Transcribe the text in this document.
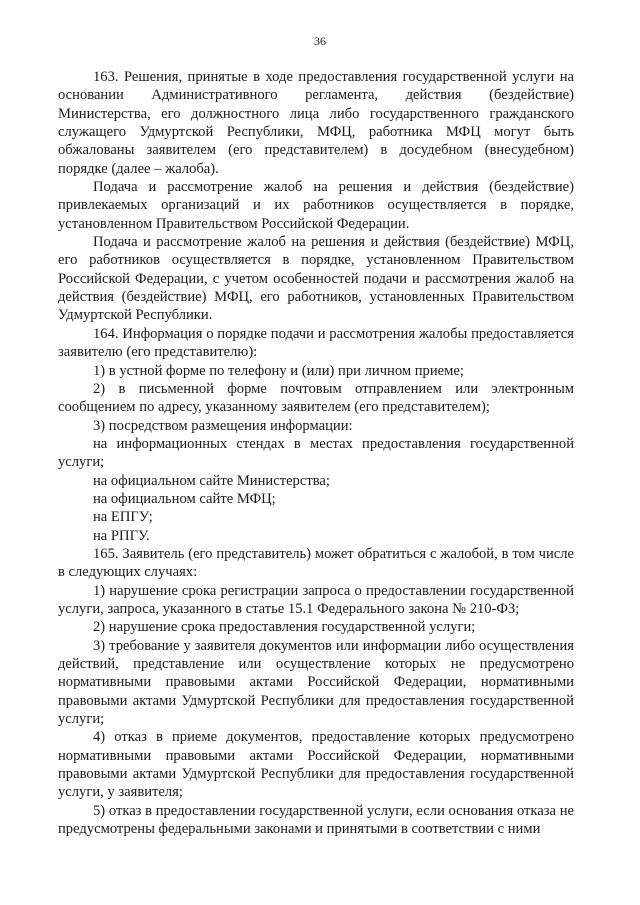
36

163. Решения, принятые в ходе предоставления государственной услуги на основании Административного регламента, действия (бездействие) Министерства, его должностного лица либо государственного гражданского служащего Удмуртской Республики, МФЦ, работника МФЦ могут быть обжалованы заявителем (его представителем) в досудебном (внесудебном) порядке (далее – жалоба).

Подача и рассмотрение жалоб на решения и действия (бездействие) привлекаемых организаций и их работников осуществляется в порядке, установленном Правительством Российской Федерации.

Подача и рассмотрение жалоб на решения и действия (бездействие) МФЦ, его работников осуществляется в порядке, установленном Правительством Российской Федерации, с учетом особенностей подачи и рассмотрения жалоб на действия (бездействие) МФЦ, его работников, установленных Правительством Удмуртской Республики.

164. Информация о порядке подачи и рассмотрения жалобы предоставляется заявителю (его представителю):

1) в устной форме по телефону и (или) при личном приеме;

2) в письменной форме почтовым отправлением или электронным сообщением по адресу, указанному заявителем (его представителем);

3) посредством размещения информации:

на информационных стендах в местах предоставления государственной услуги;

на официальном сайте Министерства;

на официальном сайте МФЦ;

на ЕПГУ;

на РПГУ.

165. Заявитель (его представитель) может обратиться с жалобой, в том числе в следующих случаях:

1) нарушение срока регистрации запроса о предоставлении государственной услуги, запроса, указанного в статье 15.1 Федерального закона № 210-ФЗ;

2) нарушение срока предоставления государственной услуги;

3) требование у заявителя документов или информации либо осуществления действий, представление или осуществление которых не предусмотрено нормативными правовыми актами Российской Федерации, нормативными правовыми актами Удмуртской Республики для предоставления государственной услуги;

4) отказ в приеме документов, предоставление которых предусмотрено нормативными правовыми актами Российской Федерации, нормативными правовыми актами Удмуртской Республики для предоставления государственной услуги, у заявителя;

5) отказ в предоставлении государственной услуги, если основания отказа не предусмотрены федеральными законами и принятыми в соответствии с ними
